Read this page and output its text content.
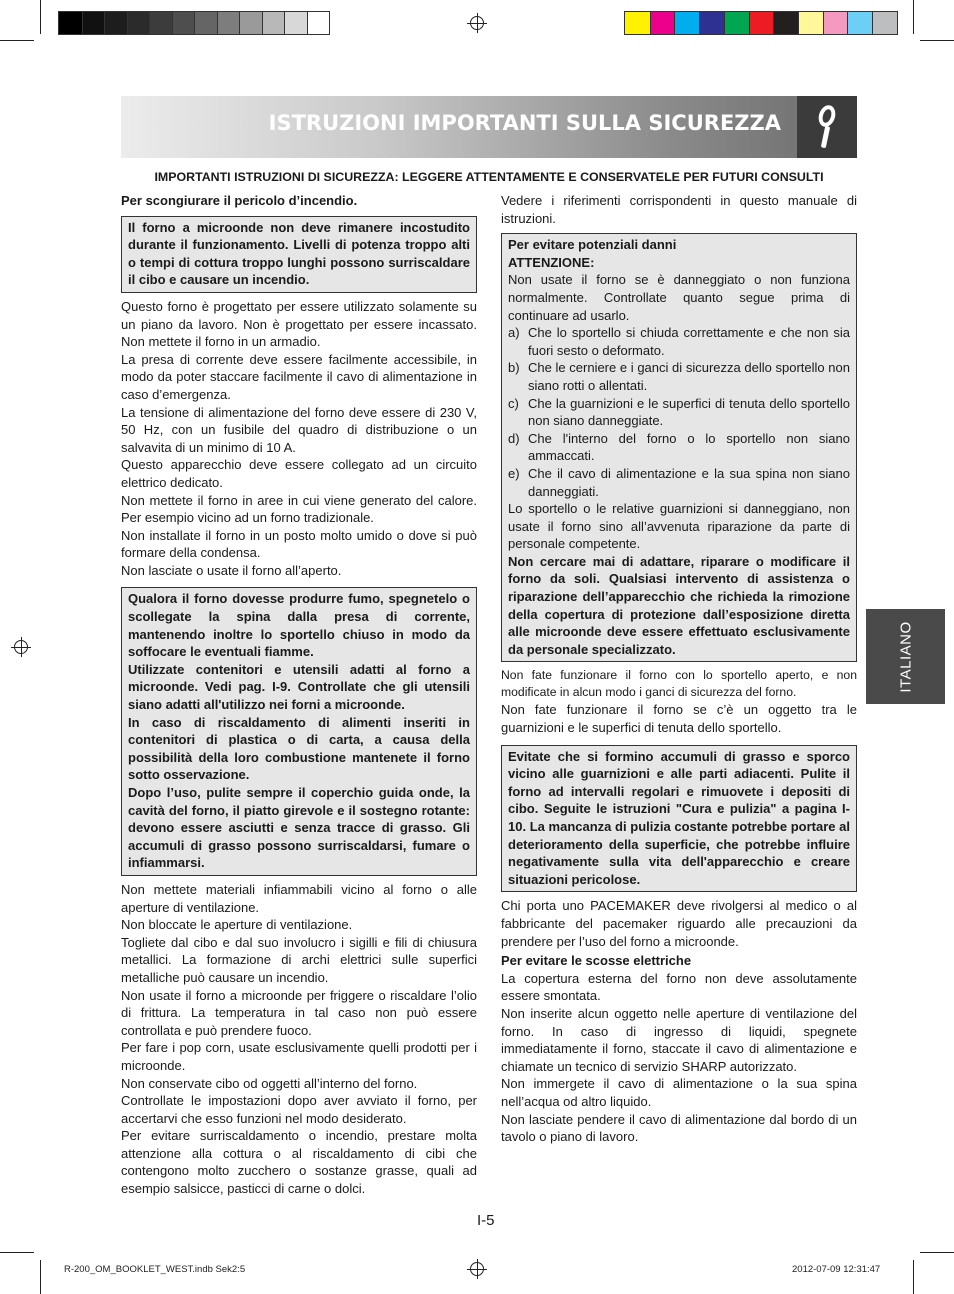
ISTRUZIONI IMPORTANTI SULLA SICUREZZA
IMPORTANTI ISTRUZIONI DI SICUREZZA: LEGGERE ATTENTAMENTE E CONSERVATELE PER FUTURI CONSULTI

Per scongiurare il pericolo d’incendio.

Il forno a microonde non deve rimanere incostudito durante il funzionamento. Livelli di potenza troppo alti o tempi di cottura troppo lunghi possono surriscaldare il cibo e causare un incendio.

Questo forno è progettato per essere utilizzato solamente su un piano da lavoro. Non è progettato per essere incassato. Non mettete il forno in un armadio.

La presa di corrente deve essere facilmente accessibile, in modo da poter staccare facilmente il cavo di alimentazione in caso d’emergenza.

La tensione di alimentazione del forno deve essere di 230 V, 50 Hz, con un fusibile del quadro di distribuzione o un salvavita di un minimo di 10 A.

Questo apparecchio deve essere collegato ad un circuito elettrico dedicato.

Non mettete il forno in aree in cui viene generato del calore. Per esempio vicino ad un forno tradizionale.

Non installate il forno in un posto molto umido o dove si può formare della condensa.

Non lasciate o usate il forno all’aperto.

Qualora il forno dovesse produrre fumo, spegnetelo o scollegate la spina dalla presa di corrente, mantenendo inoltre lo sportello chiuso in modo da soffocare le eventuali fiamme.

Utilizzate contenitori e utensili adatti al forno a microonde. Vedi pag. I-9. Controllate che gli utensili siano adatti all'utilizzo nei forni a microonde.

In caso di riscaldamento di alimenti inseriti in contenitori di plastica o di carta, a causa della possibilità della loro combustione mantenete il forno sotto osservazione.

Dopo l’uso, pulite sempre il coperchio guida onde, la cavità del forno, il piatto girevole e il sostegno rotante: devono essere asciutti e senza tracce di grasso. Gli accumuli di grasso possono surriscaldarsi, fumare o infiammarsi.

Non mettete materiali infiammabili vicino al forno o alle aperture di ventilazione.

Non bloccate le aperture di ventilazione.

Togliete dal cibo e dal suo involucro i sigilli e fili di chiusura metallici. La formazione di archi elettrici sulle superfici metalliche può causare un incendio.

Non usate il forno a microonde per friggere o riscaldare l’olio di frittura. La temperatura in tal caso non può essere controllata e può prendere fuoco.

Per fare i pop corn, usate esclusivamente quelli prodotti per i microonde.

Non conservate cibo od oggetti all’interno del forno.

Controllate le impostazioni dopo aver avviato il forno, per accertarvi che esso funzioni nel modo desiderato.

Per evitare surriscaldamento o incendio, prestare molta attenzione alla cottura o al riscaldamento di cibi che contengono molto zucchero o sostanze grasse, quali ad esempio salsicce, pasticci di carne o dolci.

Vedere i riferimenti corrispondenti in questo manuale di istruzioni.

Per evitare potenziali danni

ATTENZIONE:

Non usate il forno se è danneggiato o non funziona normalmente. Controllate quanto segue prima di continuare ad usarlo.

a) Che lo sportello si chiuda correttamente e che non sia fuori sesto o deformato.
b) Che le cerniere e i ganci di sicurezza dello sportello non siano rotti o allentati.
c) Che la guarnizioni e le superfici di tenuta dello sportello non siano danneggiate.
d) Che l'interno del forno o lo sportello non siano ammaccati.
e) Che il cavo di alimentazione e la sua spina non siano danneggiati.

Lo sportello o le relative guarnizioni si danneggiano, non usate il forno sino all’avvenuta riparazione da parte di personale competente.

Non cercare mai di adattare, riparare o modificare il forno da soli. Qualsiasi intervento di assistenza o riparazione dell’apparecchio che richieda la rimozione della copertura di protezione dall’esposizione diretta alle microonde deve essere effettuato esclusivamente da personale specializzato.

Non fate funzionare il forno con lo sportello aperto, e non modificate in alcun modo i ganci di sicurezza del forno.

Non fate funzionare il forno se c’è un oggetto tra le guarnizioni e le superfici di tenuta dello sportello.

Evitate che si formino accumuli di grasso e sporco vicino alle guarnizioni e alle parti adiacenti. Pulite il forno ad intervalli regolari e rimuovete i depositi di cibo. Seguite le istruzioni "Cura e pulizia" a pagina I-10. La mancanza di pulizia costante potrebbe portare al deterioramento della superficie, che potrebbe influire negativamente sulla vita dell'apparecchio e creare situazioni pericolose.

Chi porta uno PACEMAKER deve rivolgersi al medico o al fabbricante del pacemaker riguardo alle precauzioni da prendere per l’uso del forno a microonde.

Per evitare le scosse elettriche

La copertura esterna del forno non deve assolutamente essere smontata.

Non inserite alcun oggetto nelle aperture di ventilazione del forno. In caso di ingresso di liquidi, spegnete immediatamente il forno, staccate il cavo di alimentazione e chiamate un tecnico di servizio SHARP autorizzato.

Non immergete il cavo di alimentazione o la sua spina nell’acqua od altro liquido.

Non lasciate pendere il cavo di alimentazione dal bordo di un tavolo o piano di lavoro.

ITALIANO
I-5
R-200_OM_BOOKLET_WEST.indb Sek2:5	2012-07-09 12:31:47
